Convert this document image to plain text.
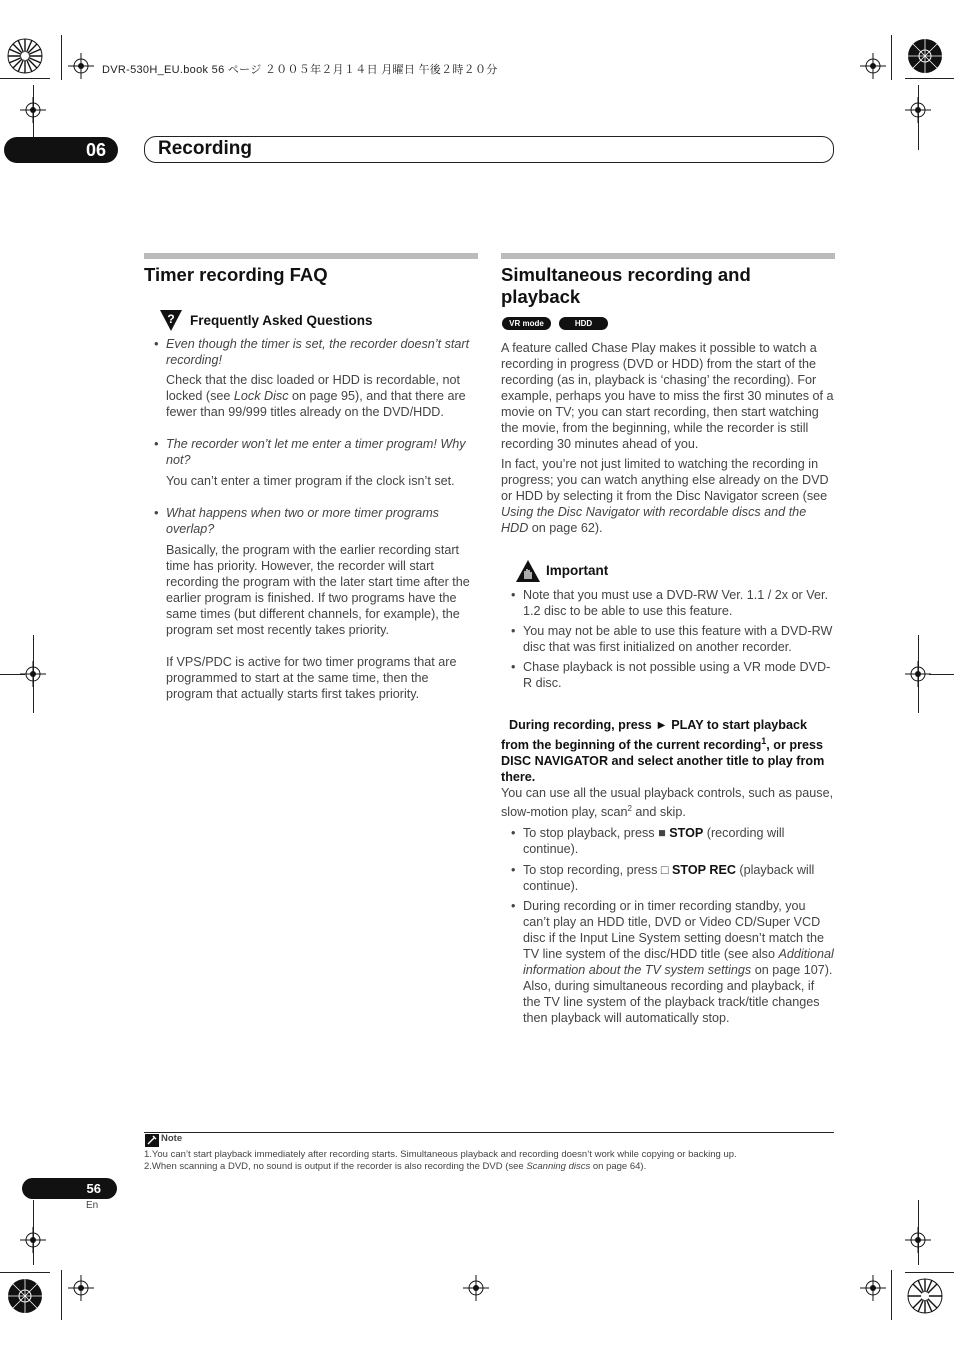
DVR-530H_EU.book 56 ページ ２００５年２月１４日 月曜日 午後２時２０分
06	Recording
Timer recording FAQ
? Frequently Asked Questions
• Even though the timer is set, the recorder doesn’t start recording!
Check that the disc loaded or HDD is recordable, not locked (see Lock Disc on page 95), and that there are fewer than 99/999 titles already on the DVD/HDD.
• The recorder won’t let me enter a timer program! Why not?
You can’t enter a timer program if the clock isn’t set.
• What happens when two or more timer programs overlap?
Basically, the program with the earlier recording start time has priority. However, the recorder will start recording the program with the later start time after the earlier program is finished. If two programs have the same times (but different channels, for example), the program set most recently takes priority.
If VPS/PDC is active for two timer programs that are programmed to start at the same time, then the program that actually starts first takes priority.
Simultaneous recording and playback
VR mode	HDD
A feature called Chase Play makes it possible to watch a recording in progress (DVD or HDD) from the start of the recording (as in, playback is ‘chasing’ the recording). For example, perhaps you have to miss the first 30 minutes of a movie on TV; you can start recording, then start watching the movie, from the beginning, while the recorder is still recording 30 minutes ahead of you.
In fact, you’re not just limited to watching the recording in progress; you can watch anything else already on the DVD or HDD by selecting it from the Disc Navigator screen (see Using the Disc Navigator with recordable discs and the HDD on page 62).
Important
• Note that you must use a DVD-RW Ver. 1.1 / 2x or Ver. 1.2 disc to be able to use this feature.
• You may not be able to use this feature with a DVD-RW disc that was first initialized on another recorder.
• Chase playback is not possible using a VR mode DVD-R disc.
During recording, press ► PLAY to start playback from the beginning of the current recording$^1$, or press DISC NAVIGATOR and select another title to play from there.
You can use all the usual playback controls, such as pause, slow-motion play, scan$^2$ and skip.
• To stop playback, press ■ STOP (recording will continue).
• To stop recording, press □ STOP REC (playback will continue).
• During recording or in timer recording standby, you can’t play an HDD title, DVD or Video CD/Super VCD disc if the Input Line System setting doesn’t match the TV line system of the disc/HDD title (see also Additional information about the TV system settings on page 107). Also, during simultaneous recording and playback, if the TV line system of the playback track/title changes then playback will automatically stop.
Note
1.You can’t start playback immediately after recording starts. Simultaneous playback and recording doesn’t work while copying or backing up.
2.When scanning a DVD, no sound is output if the recorder is also recording the DVD (see Scanning discs on page 64).
56
En
